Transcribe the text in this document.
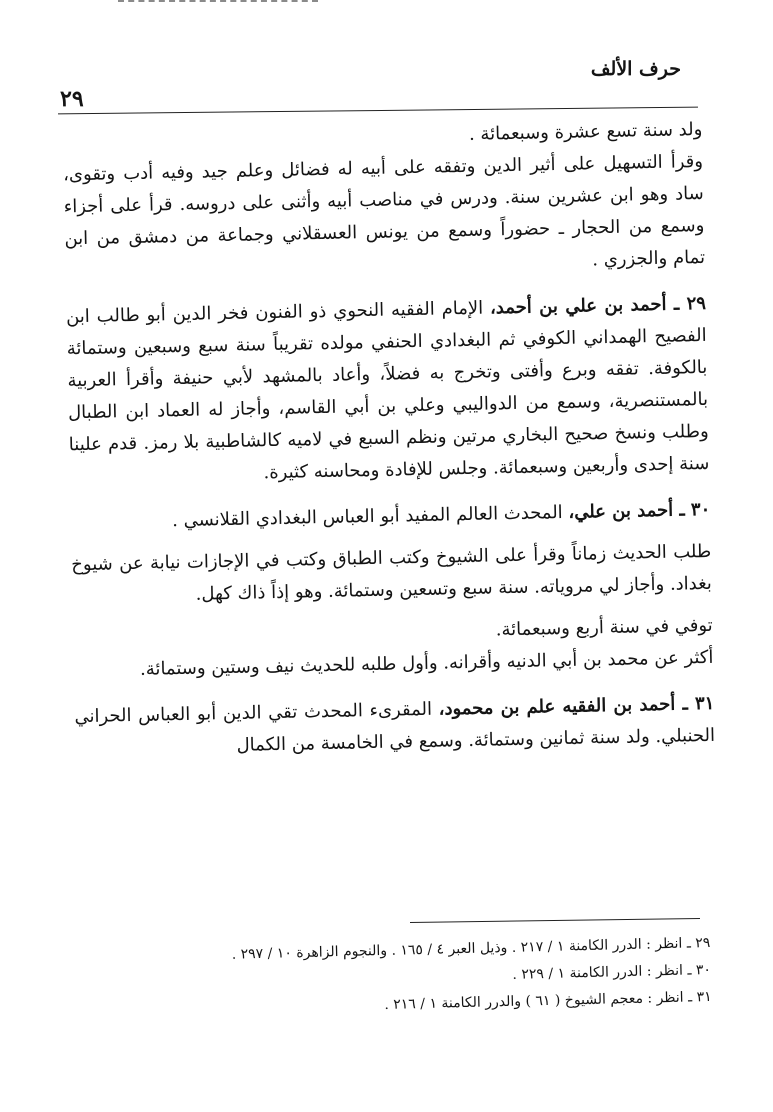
حرف الألف
٢٩

ولد سنة تسع عشرة وسبعمائة .

وقرأ التسهيل على أثير الدين وتفقه على أبيه له فضائل وعلم جيد وفيه أدب وتقوى، ساد وهو ابن عشرين سنة. ودرس في مناصب أبيه وأثنى على دروسه. قرأ على أجزاء وسمع من الحجار ـ حضوراً وسمع من يونس العسقلاني وجماعة من دمشق من ابن تمام والجزري .

٢٩ ـ أحمد بن علي بن أحمد، الإمام الفقيه النحوي ذو الفنون فخر الدين أبو طالب ابن الفصيح الهمداني الكوفي ثم البغدادي الحنفي مولده تقريباً سنة سبع وسبعين وستمائة بالكوفة. تفقه وبرع وأفتى وتخرج به فضلاً، وأعاد بالمشهد لأبي حنيفة وأقرأ العربية بالمستنصرية، وسمع من الدواليبي وعلي بن أبي القاسم، وأجاز له العماد ابن الطبال وطلب ونسخ صحيح البخاري مرتين ونظم السبع في لاميه كالشاطبية بلا رمز. قدم علينا سنة إحدى وأربعين وسبعمائة. وجلس للإفادة ومحاسنه كثيرة.

٣٠ ـ أحمد بن علي، المحدث العالم المفيد أبو العباس البغدادي القلانسي .

طلب الحديث زماناً وقرأ على الشيوخ وكتب الطباق وكتب في الإجازات نيابة عن شيوخ بغداد. وأجاز لي مروياته. سنة سبع وتسعين وستمائة. وهو إذاً ذاك كهل.

توفي في سنة أربع وسبعمائة.

أكثر عن محمد بن أبي الدنيه وأقرانه. وأول طلبه للحديث نيف وستين وستمائة.

٣١ ـ أحمد بن الفقيه علم بن محمود، المقرىء المحدث تقي الدين أبو العباس الحراني الحنبلي. ولد سنة ثمانين وستمائة. وسمع في الخامسة من الكمال

٢٩ ـ انظر : الدرر الكامنة ١ / ٢١٧ . وذيل العبر ٤ / ١٦٥ . والنجوم الزاهرة ١٠ / ٢٩٧ .

٣٠ ـ انظر : الدرر الكامنة ١ / ٢٢٩ .

٣١ ـ انظر : معجم الشيوخ ( ٦١ ) والدرر الكامنة ١ / ٢١٦ .
